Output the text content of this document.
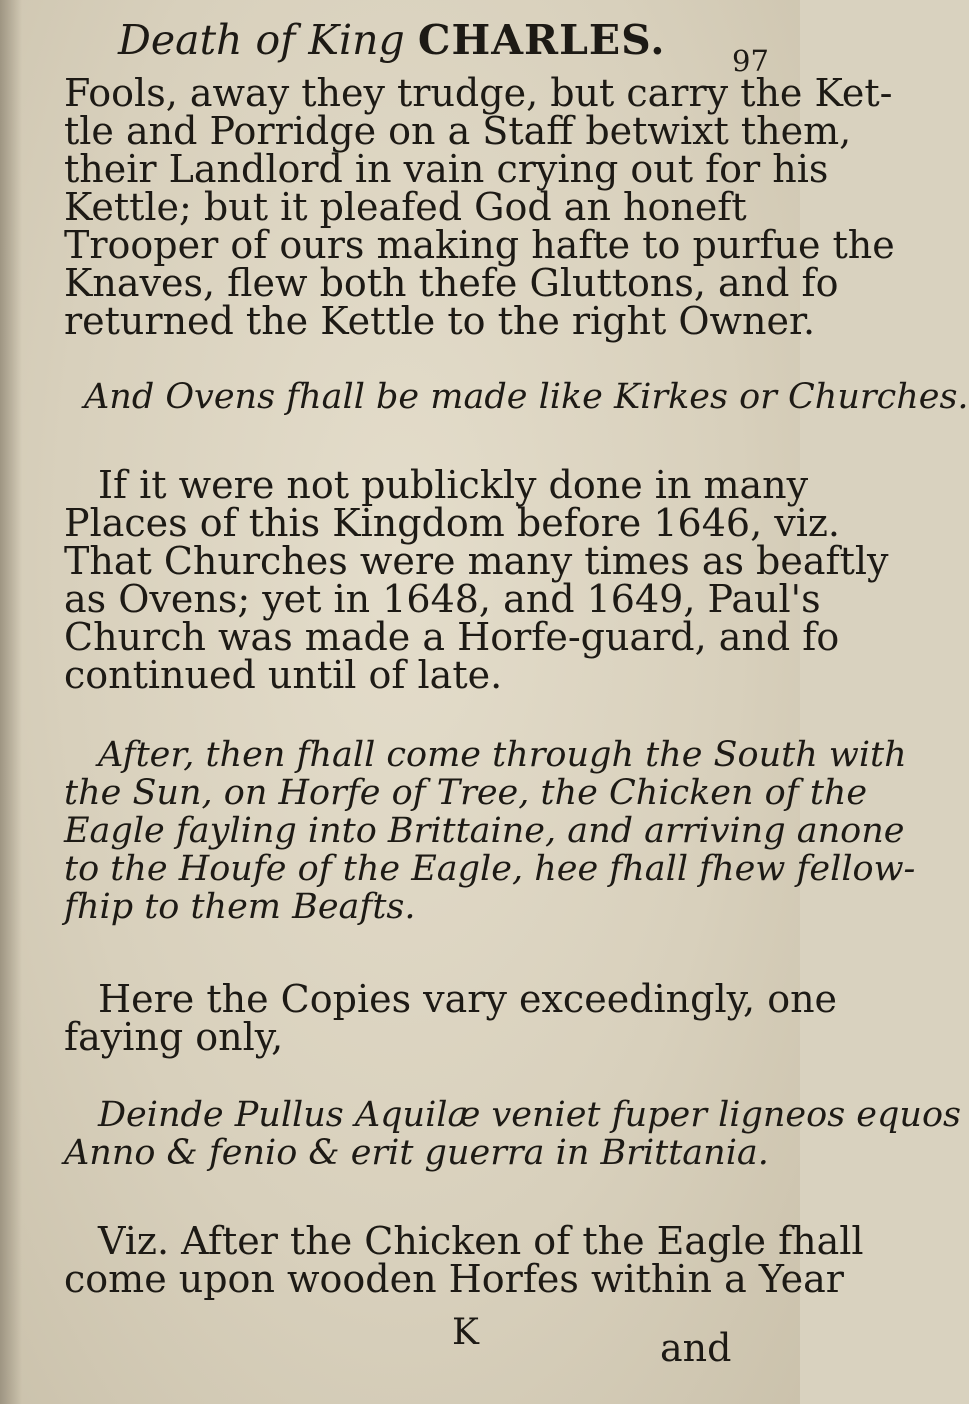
Death of King CHARLES. 97
Fools, away they trudge, but carry the Ket-
tle and Porridge on a Staff betwixt them,
their Landlord in vain crying out for his
Kettle; but it pleafed God an honeft
Trooper of ours making hafte to purfue the
Knaves, flew both thefe Gluttons, and fo
returned the Kettle to the right Owner.
And Ovens fhall be made like Kirkes or Churches.
If it were not publickly done in many
Places of this Kingdom before 1646, viz.
That Churches were many times as beaftly
as Ovens; yet in 1648, and 1649, Paul's
Church was made a Horfe-guard, and fo
continued until of late.
After, then fhall come through the South with
the Sun, on Horfe of Tree, the Chicken of the
Eagle fayling into Brittaine, and arriving anone
to the Houfe of the Eagle, hee fhall fhew fellow-
fhip to them Beafts.
Here the Copies vary exceedingly, one
faying only,
Deinde Pullus Aquilæ veniet fuper ligneos equos
Anno & fenio & erit guerra in Brittania.
Viz. After the Chicken of the Eagle fhall
come upon wooden Horfes within a Year
K	and
